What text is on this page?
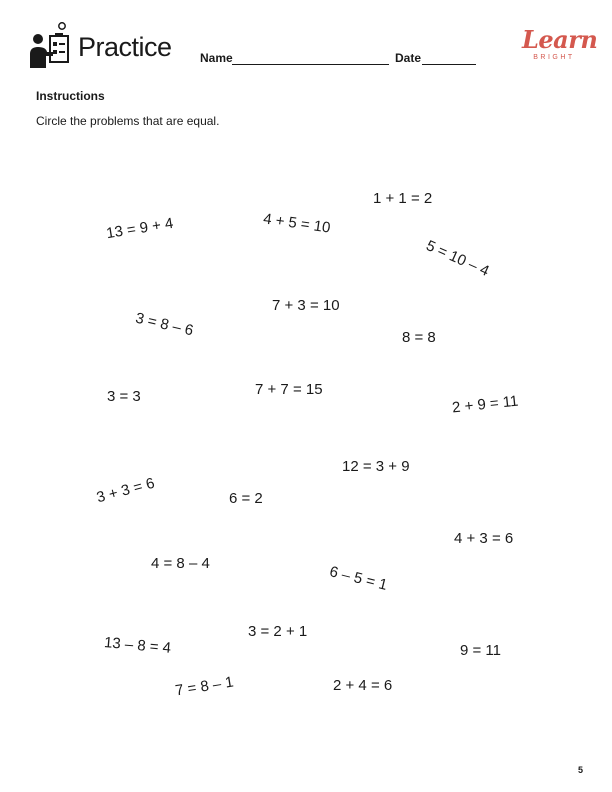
Practice Name	Date
Learn
BRIGHT
Instructions
Circle the problems that are equal.
1 + 1 = 2
13 = 9 + 4	4 + 5 = 10
5 = 10 – 4
7 + 3 = 10
3 = 8 – 6	8 = 8
3 = 3	7 + 7 = 15
2 + 9 = 11
12 = 3 + 9
3 + 3 = 6	6 = 2
4 + 3 = 6
4 = 8 – 4	6 – 5 = 1
13 – 8 = 4
3 = 2 + 1
9 = 11
7 = 8 – 1	2 + 4 = 6
5
